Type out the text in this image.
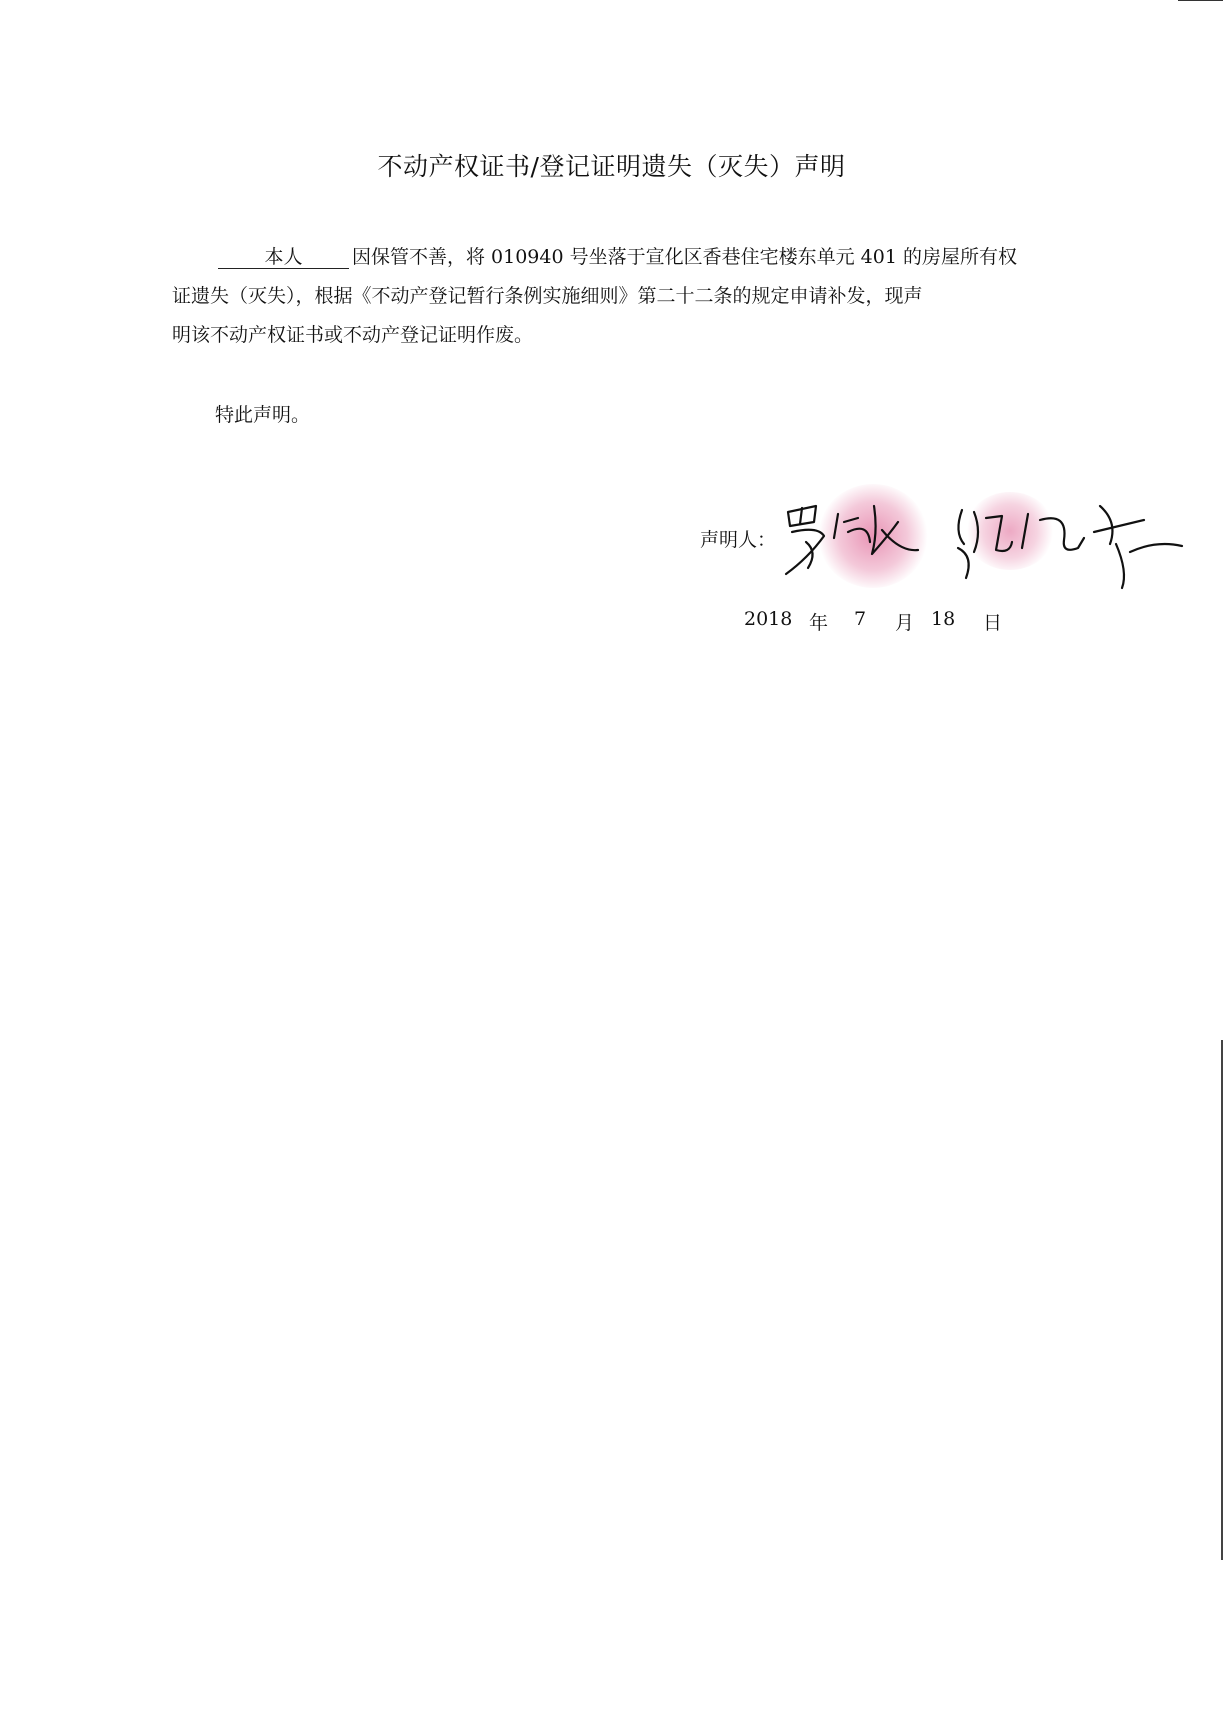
不动产权证书/登记证明遗失（灭失）声明
本人	因保管不善，将 010940 号坐落于宣化区香巷住宅楼东单元 401 的房屋所有权
证遗失（灭失），根据《不动产登记暂行条例实施细则》第二十二条的规定申请补发，现声
明该不动产权证书或不动产登记证明作废。
特此声明。
声明人：
2018 年 7 月 18 日
